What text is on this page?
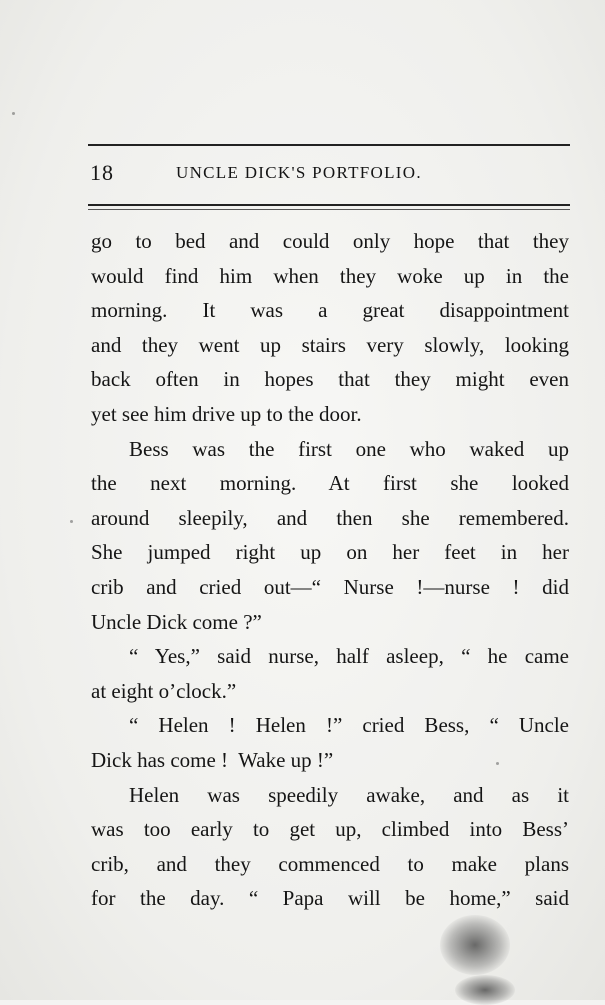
18	UNCLE DICK'S PORTFOLIO.
go to bed and could only hope that they
would find him when they woke up in the
morning. It was a great disappointment
and they went up stairs very slowly, looking
back often in hopes that they might even
yet see him drive up to the door.
Bess was the first one who waked up
the next morning. At first she looked
around sleepily, and then she remembered.
She jumped right up on her feet in her
crib and cried out—“ Nurse !—nurse ! did
Uncle Dick come ?”
“ Yes,” said nurse, half asleep, “ he came
at eight o’clock.”
“ Helen ! Helen !” cried Bess, “ Uncle
Dick has come !  Wake up !”
Helen was speedily awake, and as it
was too early to get up, climbed into Bess’
crib, and they commenced to make plans
for the day. “ Papa will be home,” said
